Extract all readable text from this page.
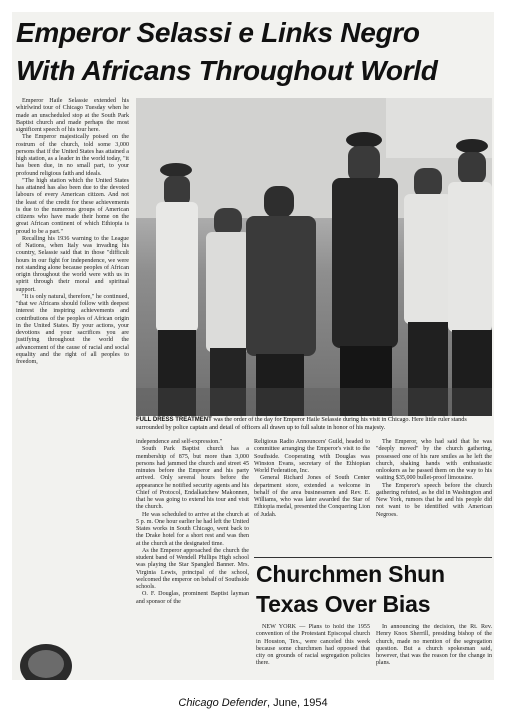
Emperor Selassi e Links Negro
With Africans Throughout World

Emperor Haile Selassie extended his whirlwind tour of Chicago Tuesday when he made an unscheduled stop at the South Park Baptist church and made perhaps the most significent speech of his tour here.

The Emperor majestically poised on the rostrum of the church, told some 3,000 persons that if the United States has attained a high station, as a leader in the world today, "it has been due, in no small part, to your profound religious faith and ideals.

"The high station which the United States has attained has also been due to the devoted labours of every American citizen. And not the least of the credit for these achievements is due to the numerous groups of American citizens who have made their home on the great African continent of which Ethiopia is proud to be a part."

Recalling his 1936 warning to the League of Nations, when Italy was invading his country, Selassie said that in those "difficult hours in our fight for independence, we were not standing alone because peoples of African origin throughout the world were with us in spirit through their moral and spiritual support.

"It is only natural, therefore," he continued, "that we Africans should follow with deepest interest the inspiring achievements and contributions of the peoples of African origin in the United States. By your actions, your devotions and your sacrifices you are justifying throughout the world the advancement of the cause of racial and social equality and the right of all peoples to freedom,

FULL DRESS TREATMENT was the order of the day for Emperor Haile Selassie during his visit in Chicago. Here little ruler stands surrounded by police captain and detail of officers all drawn up to full salute in honor of his majesty.

independence and self-expression."

South Park Baptist church has a membership of 875, but more than 3,000 persons had jammed the church and street 45 minutes before the Emperor and his party arrived. Only several hours before the appearance he notified security agents and his Chief of Protocol, Endalkatchew Makonnen, that he was going to extend his tour and visit the church.

He was scheduled to arrive at the church at 5 p. m. One hour earlier he had left the United States works in South Chicago, went back to the Drake hotel for a short rest and was then at the church at the designated time.

As the Emperor approached the church the student band of Wendell Phillips High school was playing the Star Spangled Banner. Mrs. Virginia Lewis, principal of the school, welcomed the emperor on behalf of Southside schools.

O. F. Douglas, prominent Baptist layman and sponsor of the

Religious Radio Announcers' Guild, headed to committee arranging the Emperor's visit to the Southside. Cooperating with Douglas was Winston Evans, secretary of the Ethiopian World Federation, Inc.

General Richard Jones of South Center department store, extended a welcome in behalf of the area businessmen and Rev. E. Williams, who was later awarded the Star of Ethiopia medal, presented the Conquering Lion of Judah.

The Emperor, who had said that he was "deeply moved" by the church gathering, possessed one of his rare smiles as he left the church, shaking hands with enthusiastic onlookers as he passed them on the way to his waiting $35,000 bullet-proof limousine.

The Emperor's speech before the church gathering refuted, as he did in Washington and New York, rumors that he and his people did not want to be identified with American Negroes.

Churchmen Shun
Texas Over Bias

NEW YORK — Plans to hold the 1955 convention of the Protestant Episcopal church in Houston, Tex., were canceled this week because some churchmen had opposed that city on grounds of racial segregation policies there.

In announcing the decision, the Rt. Rev. Henry Knox Sherrill, presiding bishop of the church, made no mention of the segregation question. But a church spokesman said, however, that was the reason for the change in plans.

Chicago Defender, June, 1954
